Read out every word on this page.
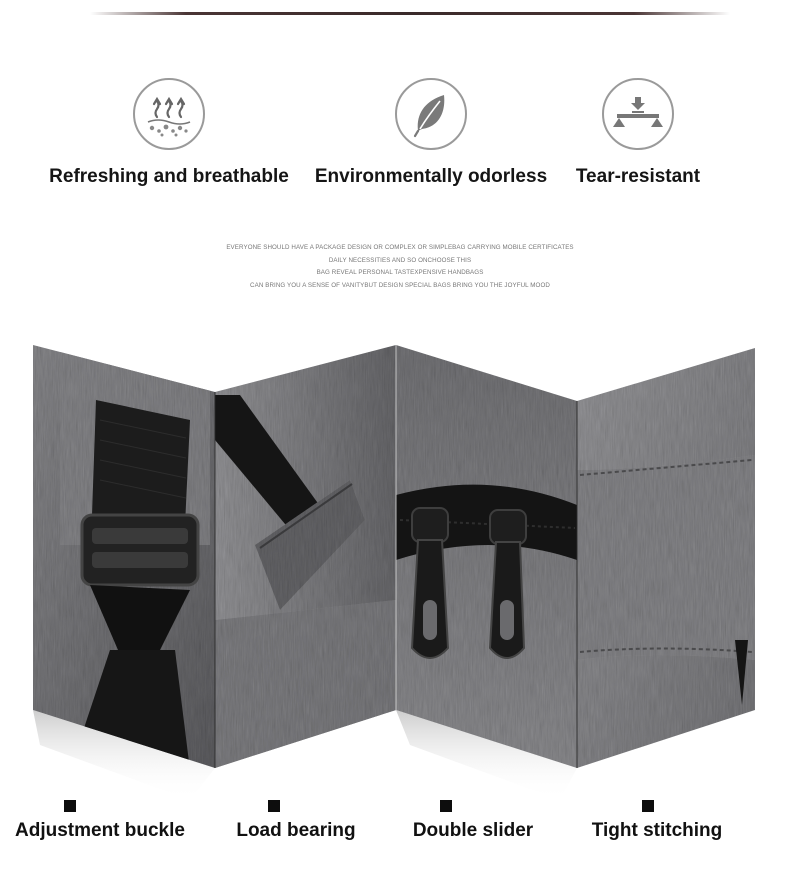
Refreshing and breathable	Environmentally odorless	Tear-resistant
EVERYONE SHOULD HAVE A PACKAGE DESIGN OR COMPLEX OR SIMPLEBAG CARRYING MOBILE CERTIFICATES
DAILY NECESSITIES AND SO ONCHOOSE THIS
BAG REVEAL PERSONAL TASTEXPENSIVE HANDBAGS
CAN BRING YOU A SENSE OF VANITYBUT DESIGN SPECIAL BAGS BRING YOU THE JOYFUL MOOD
Adjustment buckle	Load bearing	Double slider	Tight stitching
